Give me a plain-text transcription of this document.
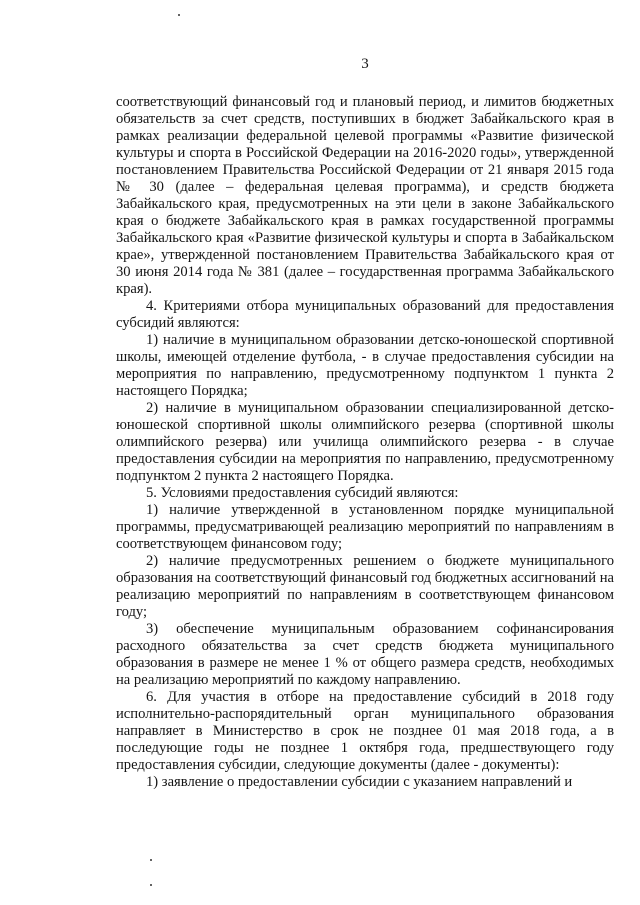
3

соответствующий финансовый год и плановый период, и лимитов бюджетных обязательств за счет средств, поступивших в бюджет Забайкальского края в рамках реализации федеральной целевой программы «Развитие физической культуры и спорта в Российской Федерации на 2016-2020 годы», утвержденной постановлением Правительства Российской Федерации от 21 января 2015 года № 30 (далее – федеральная целевая программа), и средств бюджета Забайкальского края, предусмотренных на эти цели в законе Забайкальского края о бюджете Забайкальского края в рамках государственной программы Забайкальского края «Развитие физической культуры и спорта в Забайкальском крае», утвержденной постановлением Правительства Забайкальского края от 30 июня 2014 года № 381 (далее – государственная программа Забайкальского края).

4. Критериями отбора муниципальных образований для предоставления субсидий являются:

1) наличие в муниципальном образовании детско-юношеской спортивной школы, имеющей отделение футбола, - в случае предоставления субсидии на мероприятия по направлению, предусмотренному подпунктом 1 пункта 2 настоящего Порядка;

2) наличие в муниципальном образовании специализированной детско-юношеской спортивной школы олимпийского резерва (спортивной школы олимпийского резерва) или училища олимпийского резерва - в случае предоставления субсидии на мероприятия по направлению, предусмотренному подпунктом 2 пункта 2 настоящего Порядка.

5. Условиями предоставления субсидий являются:

1) наличие утвержденной в установленном порядке муниципальной программы, предусматривающей реализацию мероприятий по направлениям в соответствующем финансовом году;

2) наличие предусмотренных решением о бюджете муниципального образования на соответствующий финансовый год бюджетных ассигнований на реализацию мероприятий по направлениям в соответствующем финансовом году;

3) обеспечение муниципальным образованием софинансирования расходного обязательства за счет средств бюджета муниципального образования в размере не менее 1 % от общего размера средств, необходимых на реализацию мероприятий по каждому направлению.

6. Для участия в отборе на предоставление субсидий в 2018 году исполнительно-распорядительный орган муниципального образования направляет в Министерство в срок не позднее 01 мая 2018 года, а в последующие годы не позднее 1 октября года, предшествующего году предоставления субсидии, следующие документы (далее - документы):

1) заявление о предоставлении субсидии с указанием направлений и
